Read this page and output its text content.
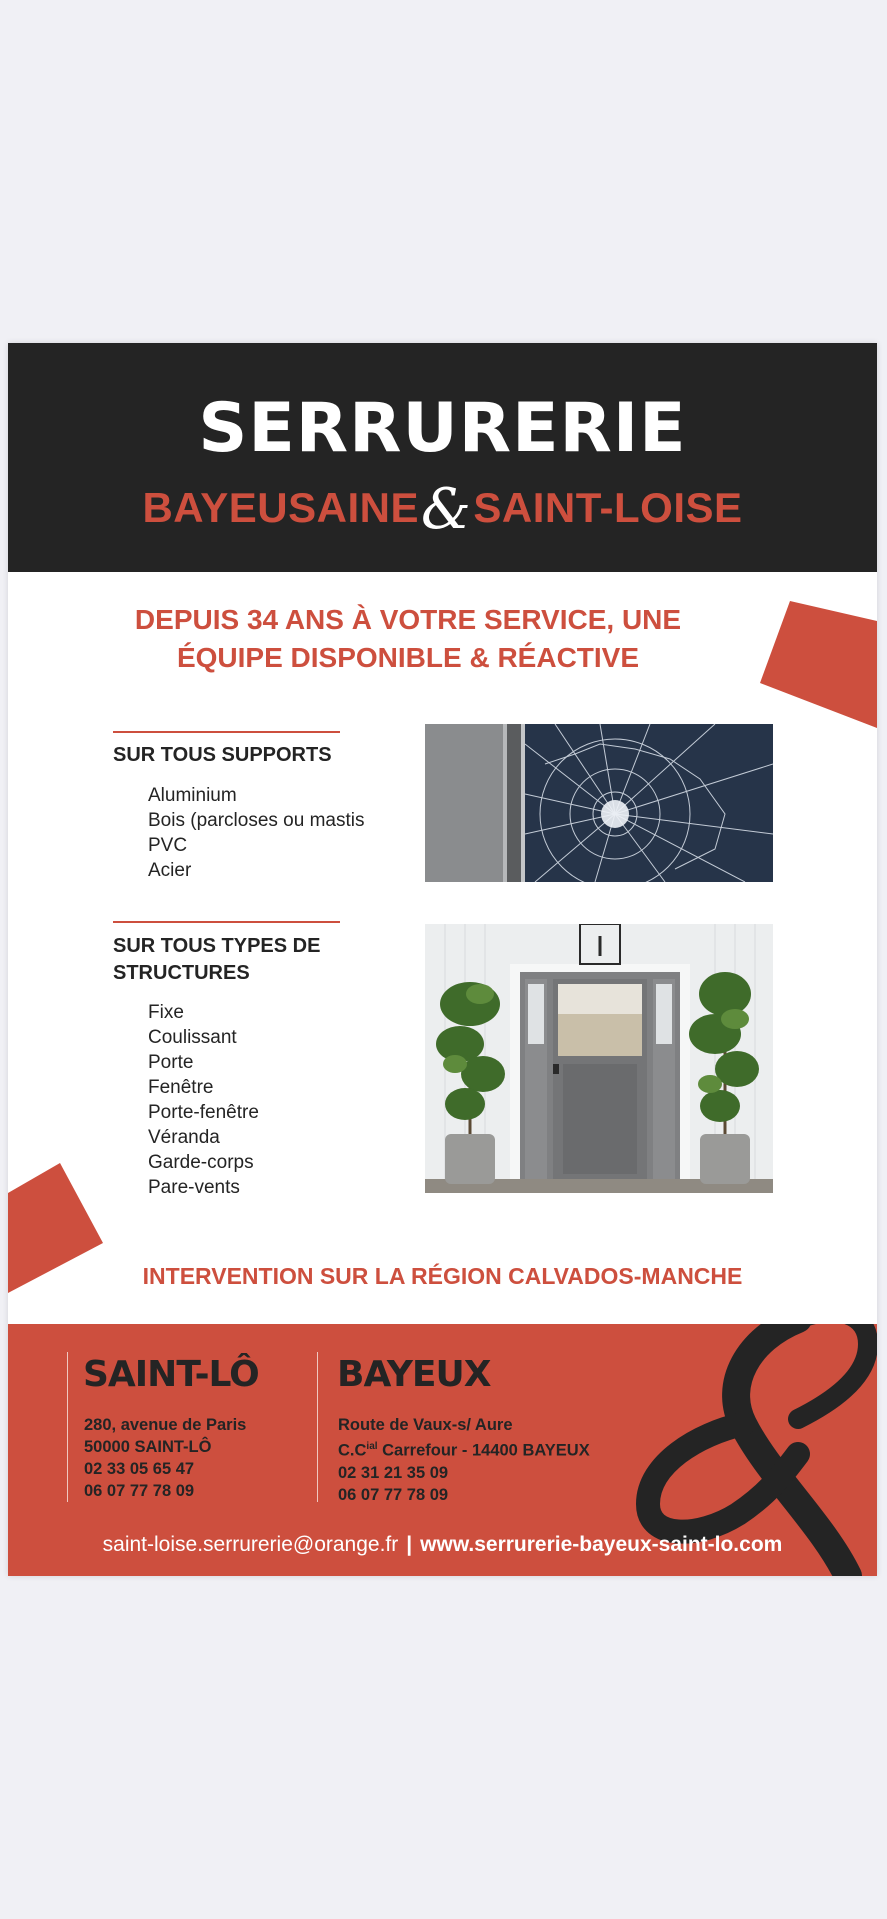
SERRURERIE
BAYEUSAINE&SAINT-LOISE
DEPUIS 34 ANS À VOTRE SERVICE, UNE
ÉQUIPE DISPONIBLE & RÉACTIVE
SUR TOUS SUPPORTS
Aluminium
Bois (parcloses ou mastis
PVC
Acier
SUR TOUS TYPES DE
STRUCTURES
Fixe
Coulissant
Porte
Fenêtre
Porte-fenêtre
Véranda
Garde-corps
Pare-vents
INTERVENTION SUR LA RÉGION CALVADOS-MANCHE
SAINT-LÔ
280, avenue de Paris
50000 SAINT-LÔ
02 33 05 65 47
06 07 77 78 09
BAYEUX
Route de Vaux-s/ Aure
$C.C^{ial}$ Carrefour - 14400 BAYEUX
02 31 21 35 09
06 07 77 78 09
saint-loise.serrurerie@orange.fr | www.serrurerie-bayeux-saint-lo.com
